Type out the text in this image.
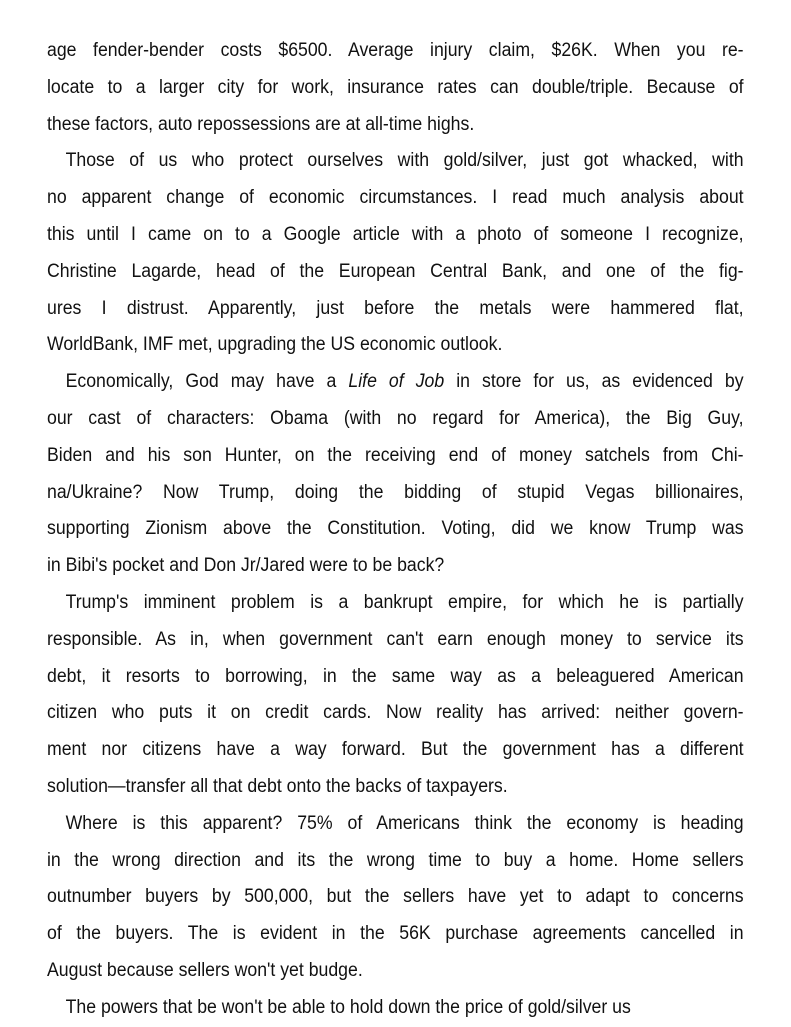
age fender-bender costs $6500. Average injury claim, $26K. When you re-
locate to a larger city for work, insurance rates can double/triple. Because of
these factors, auto repossessions are at all-time highs.
Those of us who protect ourselves with gold/silver, just got whacked, with
no apparent change of economic circumstances. I read much analysis about
this until I came on to a Google article with a photo of someone I recognize,
Christine Lagarde, head of the European Central Bank, and one of the fig-
ures I distrust. Apparently, just before the metals were hammered flat,
WorldBank, IMF met, upgrading the US economic outlook.
Economically, God may have a Life of Job in store for us, as evidenced by
our cast of characters: Obama (with no regard for America), the Big Guy,
Biden and his son Hunter, on the receiving end of money satchels from Chi-
na/Ukraine? Now Trump, doing the bidding of stupid Vegas billionaires,
supporting Zionism above the Constitution. Voting, did we know Trump was
in Bibi's pocket and Don Jr/Jared were to be back?
Trump's imminent problem is a bankrupt empire, for which he is partially
responsible. As in, when government can't earn enough money to service its
debt, it resorts to borrowing, in the same way as a beleaguered American
citizen who puts it on credit cards. Now reality has arrived: neither govern-
ment nor citizens have a way forward. But the government has a different
solution—transfer all that debt onto the backs of taxpayers.
Where is this apparent? 75% of Americans think the economy is heading
in the wrong direction and its the wrong time to buy a home. Home sellers
outnumber buyers by 500,000, but the sellers have yet to adapt to concerns
of the buyers. The is evident in the 56K purchase agreements cancelled in
August because sellers won't yet budge.
The powers that be won't be able to hold down the price of gold/silver us
